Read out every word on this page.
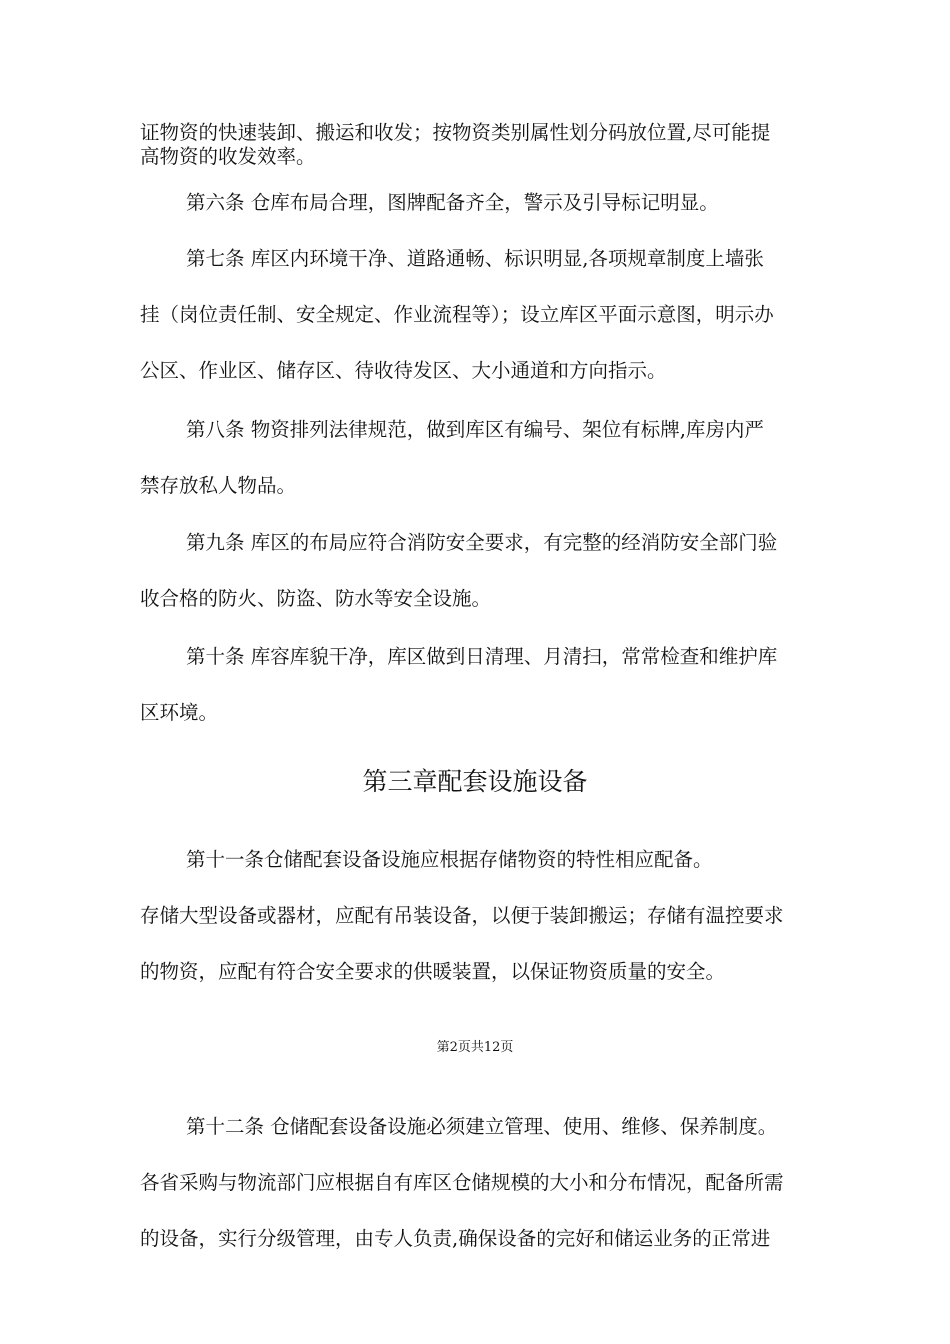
证物资的快速装卸、搬运和收发；按物资类别属性划分码放位置,尽可能提
高物资的收发效率。
第六条 仓库布局合理，图牌配备齐全，警示及引导标记明显。
第七条 库区内环境干净、道路通畅、标识明显,各项规章制度上墙张
挂（岗位责任制、安全规定、作业流程等）；设立库区平面示意图，明示办
公区、作业区、储存区、待收待发区、大小通道和方向指示。
第八条 物资排列法律规范，做到库区有编号、架位有标牌,库房内严
禁存放私人物品。
第九条 库区的布局应符合消防安全要求，有完整的经消防安全部门验
收合格的防火、防盗、防水等安全设施。
第十条 库容库貌干净，库区做到日清理、月清扫，常常检查和维护库
区环境。
第三章配套设施设备
第十一条仓储配套设备设施应根据存储物资的特性相应配备。
存储大型设备或器材，应配有吊装设备，以便于装卸搬运；存储有温控要求
的物资，应配有符合安全要求的供暖装置，以保证物资质量的安全。
第2页共12页
第十二条 仓储配套设备设施必须建立管理、使用、维修、保养制度。
各省采购与物流部门应根据自有库区仓储规模的大小和分布情况，配备所需
的设备，实行分级管理，由专人负责,确保设备的完好和储运业务的正常进
